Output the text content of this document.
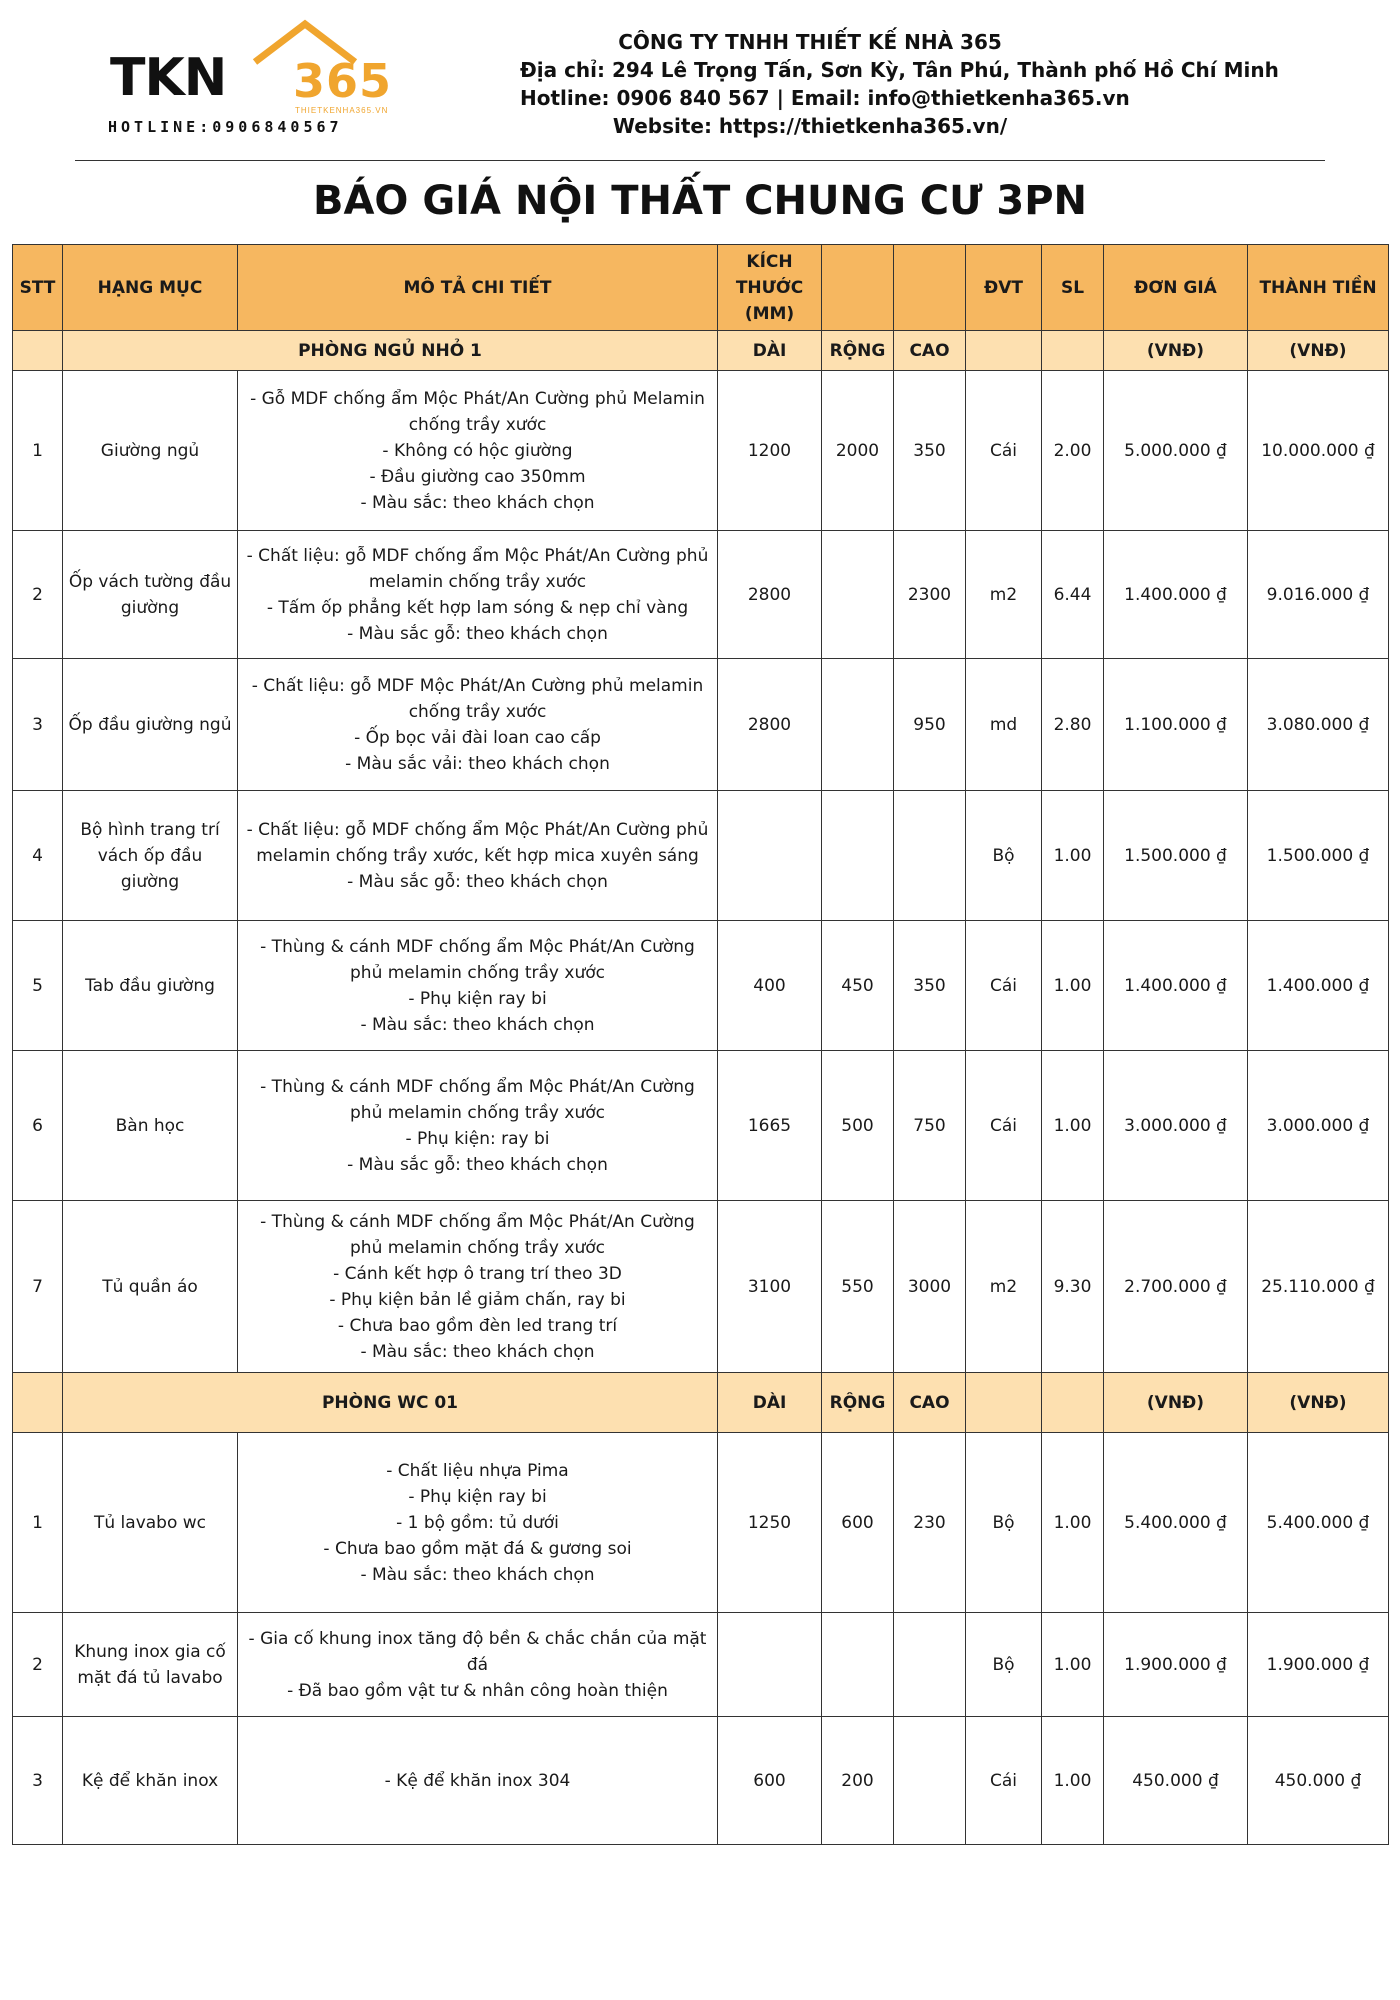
TKN 365
THIETKENHA365.VN
HOTLINE:0906840567
CÔNG TY TNHH THIẾT KẾ NHÀ 365
Địa chỉ: 294 Lê Trọng Tấn, Sơn Kỳ, Tân Phú, Thành phố Hồ Chí Minh
Hotline: 0906 840 567 | Email: info@thietkenha365.vn
Website: https://thietkenha365.vn/
BÁO GIÁ NỘI THẤT CHUNG CƯ 3PN
STT	HẠNG MỤC	MÔ TẢ CHI TIẾT	KÍCH THƯỚC (MM)			ĐVT	SL	ĐƠN GIÁ	THÀNH TIỀN
	PHÒNG NGỦ NHỎ 1		DÀI	RỘNG	CAO			(VNĐ)	(VNĐ)
1	Giường ngủ	- Gỗ MDF chống ẩm Mộc Phát/An Cường phủ Melamin chống trầy xước
- Không có hộc giường
- Đầu giường cao 350mm
- Màu sắc: theo khách chọn	1200	2000	350	Cái	2.00	5.000.000 ₫	10.000.000 ₫
2	Ốp vách tường đầu giường	- Chất liệu: gỗ MDF chống ẩm Mộc Phát/An Cường phủ melamin chống trầy xước
- Tấm ốp phẳng kết hợp lam sóng & nẹp chỉ vàng
- Màu sắc gỗ: theo khách chọn	2800		2300	m2	6.44	1.400.000 ₫	9.016.000 ₫
3	Ốp đầu giường ngủ	- Chất liệu: gỗ MDF Mộc Phát/An Cường phủ melamin chống trầy xước
- Ốp bọc vải đài loan cao cấp
- Màu sắc vải: theo khách chọn	2800		950	md	2.80	1.100.000 ₫	3.080.000 ₫
4	Bộ hình trang trí vách ốp đầu giường	- Chất liệu: gỗ MDF chống ẩm Mộc Phát/An Cường phủ melamin chống trầy xước, kết hợp mica xuyên sáng
- Màu sắc gỗ: theo khách chọn				Bộ	1.00	1.500.000 ₫	1.500.000 ₫
5	Tab đầu giường	- Thùng & cánh MDF chống ẩm Mộc Phát/An Cường phủ melamin chống trầy xước
- Phụ kiện ray bi
- Màu sắc: theo khách chọn	400	450	350	Cái	1.00	1.400.000 ₫	1.400.000 ₫
6	Bàn học	- Thùng & cánh MDF chống ẩm Mộc Phát/An Cường phủ melamin chống trầy xước
- Phụ kiện: ray bi
- Màu sắc gỗ: theo khách chọn	1665	500	750	Cái	1.00	3.000.000 ₫	3.000.000 ₫
7	Tủ quần áo	- Thùng & cánh MDF chống ẩm Mộc Phát/An Cường phủ melamin chống trầy xước
- Cánh kết hợp ô trang trí theo 3D
- Phụ kiện bản lề giảm chấn, ray bi
- Chưa bao gồm đèn led trang trí
- Màu sắc: theo khách chọn	3100	550	3000	m2	9.30	2.700.000 ₫	25.110.000 ₫
	PHÒNG WC 01		DÀI	RỘNG	CAO			(VNĐ)	(VNĐ)
1	Tủ lavabo wc	- Chất liệu nhựa Pima
- Phụ kiện ray bi
- 1 bộ gồm: tủ dưới
- Chưa bao gồm mặt đá & gương soi
- Màu sắc: theo khách chọn	1250	600	230	Bộ	1.00	5.400.000 ₫	5.400.000 ₫
2	Khung inox gia cố mặt đá tủ lavabo	- Gia cố khung inox tăng độ bền & chắc chắn của mặt đá
- Đã bao gồm vật tư & nhân công hoàn thiện				Bộ	1.00	1.900.000 ₫	1.900.000 ₫
3	Kệ để khăn inox	- Kệ để khăn inox 304	600	200		Cái	1.00	450.000 ₫	450.000 ₫
